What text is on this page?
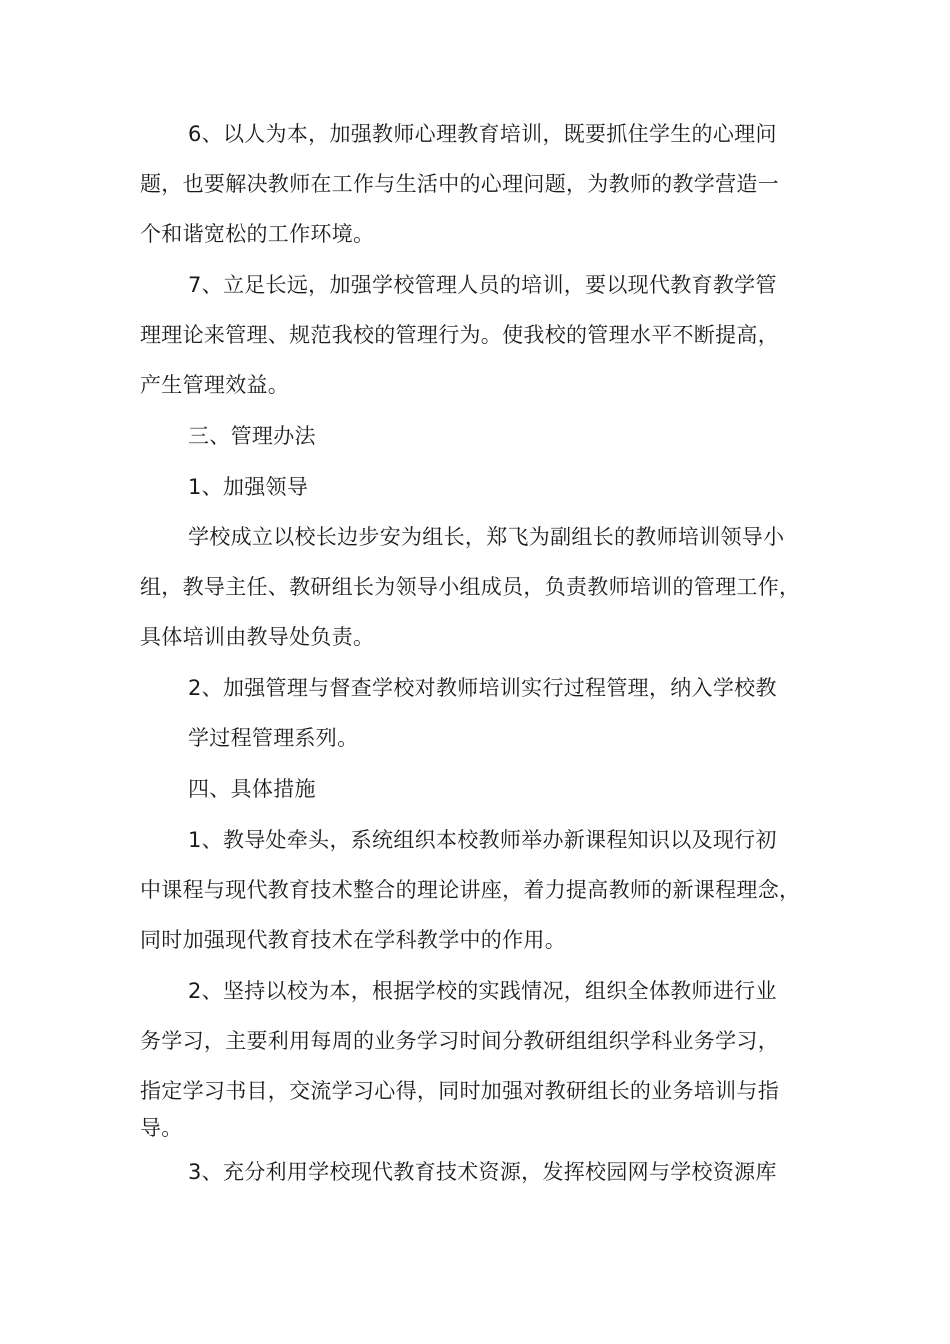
6、以人为本，加强教师心理教育培训，既要抓住学生的心理问
题，也要解决教师在工作与生活中的心理问题，为教师的教学营造一
个和谐宽松的工作环境。
7、立足长远，加强学校管理人员的培训，要以现代教育教学管
理理论来管理、规范我校的管理行为。使我校的管理水平不断提高，
产生管理效益。
三、管理办法
1、加强领导
学校成立以校长边步安为组长，郑飞为副组长的教师培训领导小
组，教导主任、教研组长为领导小组成员，负责教师培训的管理工作，
具体培训由教导处负责。
2、加强管理与督查学校对教师培训实行过程管理，纳入学校教
学过程管理系列。
四、具体措施
1、教导处牵头，系统组织本校教师举办新课程知识以及现行初
中课程与现代教育技术整合的理论讲座，着力提高教师的新课程理念，
同时加强现代教育技术在学科教学中的作用。
2、坚持以校为本，根据学校的实践情况，组织全体教师进行业
务学习，主要利用每周的业务学习时间分教研组组织学科业务学习，
指定学习书目，交流学习心得，同时加强对教研组长的业务培训与指
导。
3、充分利用学校现代教育技术资源，发挥校园网与学校资源库
